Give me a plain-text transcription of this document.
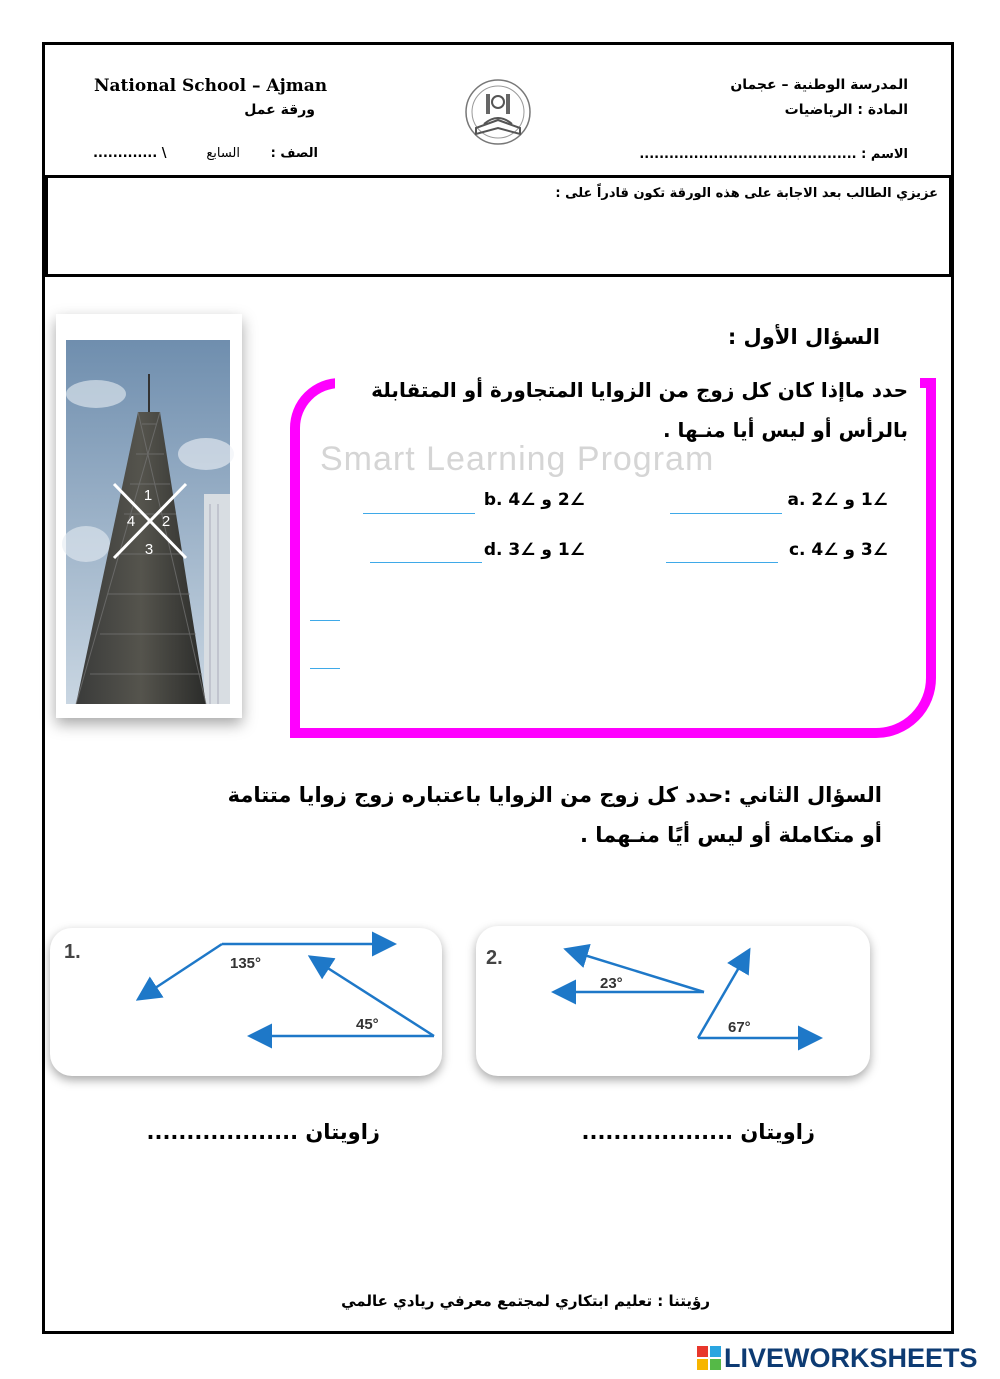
National School – Ajman
ورقة عمل
الصف :
السابع
/ .............
المدرسة الوطنية – عجمان
المادة : الرياضيات
الاسم : ............................................
عزيزي الطالب بعد الاجابة على هذه الورقة تكون قادراً على :
1
2
3
4
السؤال الأول :
Smart Learning Program
حدد ماإذا كان كل زوج من الزوايا المتجاورة أو المتقابلة بالرأس أو ليس أيا منـها .
∠1 و ∠2 .a
∠2 و ∠4 .b
∠3 و ∠4 .c
∠1 و ∠3 .d
السؤال الثاني :حدد كل زوج من الزوايا باعتباره زوج زوايا متتامة أو متكاملة أو ليس أيًا منـهما .
1.
135°
45°
2.
23°
67°
زاويتان ...................
زاويتان ...................
رؤيتنا : تعليم ابتكاري لمجتمع معرفي ريادي عالمي
LIVEWORKSHEETS
